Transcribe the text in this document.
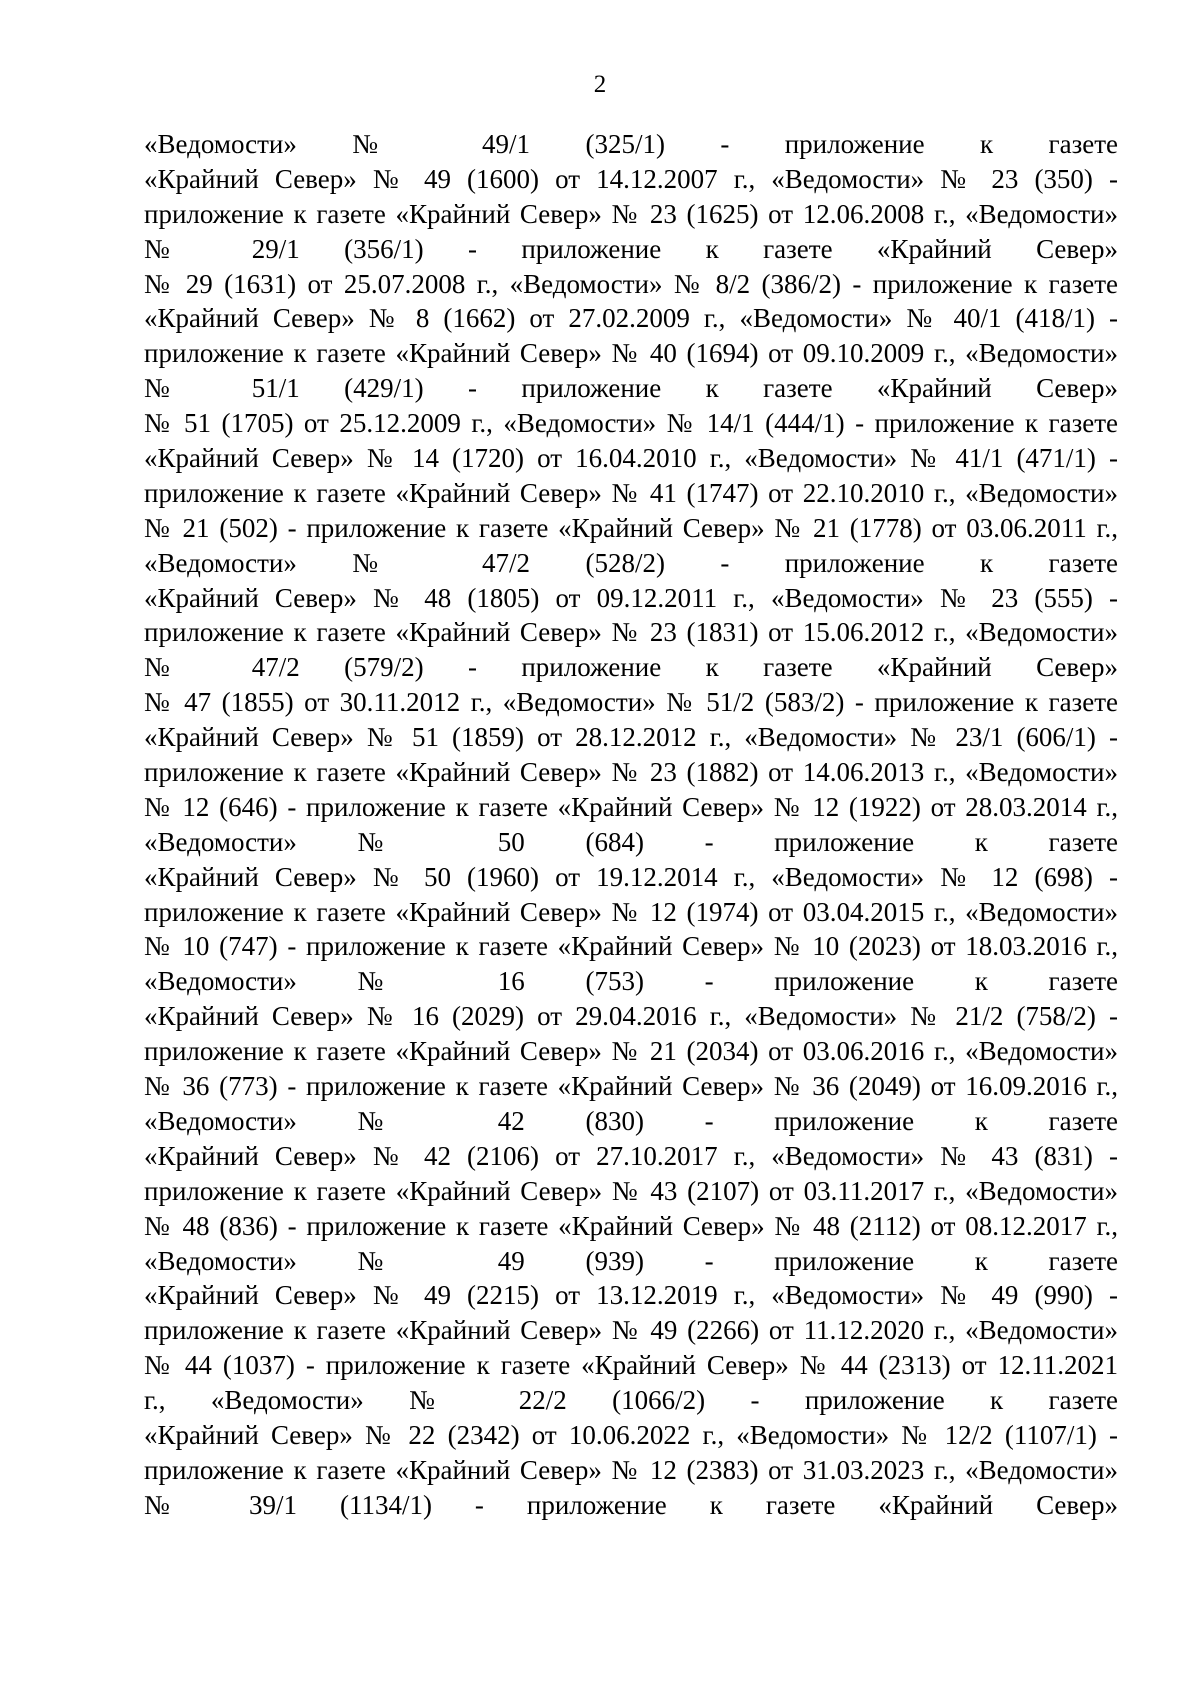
2
«Ведомости» № 49/1 (325/1) - приложение к газете
«Крайний Север» № 49 (1600) от 14.12.2007 г., «Ведомости» № 23 (350) -
приложение к газете «Крайний Север» № 23 (1625) от 12.06.2008 г., «Ведомости»
№ 29/1 (356/1) - приложение к газете «Крайний Север»
№ 29 (1631) от 25.07.2008 г., «Ведомости» № 8/2 (386/2) - приложение к газете
«Крайний Север» № 8 (1662) от 27.02.2009 г., «Ведомости» № 40/1 (418/1) -
приложение к газете «Крайний Север» № 40 (1694) от 09.10.2009 г., «Ведомости»
№ 51/1 (429/1) - приложение к газете «Крайний Север»
№ 51 (1705) от 25.12.2009 г., «Ведомости» № 14/1 (444/1) - приложение к газете
«Крайний Север» № 14 (1720) от 16.04.2010 г., «Ведомости» № 41/1 (471/1) -
приложение к газете «Крайний Север» № 41 (1747) от 22.10.2010 г., «Ведомости»
№ 21 (502) - приложение к газете «Крайний Север» № 21 (1778) от 03.06.2011 г.,
«Ведомости» № 47/2 (528/2) - приложение к газете
«Крайний Север» № 48 (1805) от 09.12.2011 г., «Ведомости» № 23 (555) -
приложение к газете «Крайний Север» № 23 (1831) от 15.06.2012 г., «Ведомости»
№ 47/2 (579/2) - приложение к газете «Крайний Север»
№ 47 (1855) от 30.11.2012 г., «Ведомости» № 51/2 (583/2) - приложение к газете
«Крайний Север» № 51 (1859) от 28.12.2012 г., «Ведомости» № 23/1 (606/1) -
приложение к газете «Крайний Север» № 23 (1882) от 14.06.2013 г., «Ведомости»
№ 12 (646) - приложение к газете «Крайний Север» № 12 (1922) от 28.03.2014 г.,
«Ведомости» № 50 (684) - приложение к газете
«Крайний Север» № 50 (1960) от 19.12.2014 г., «Ведомости» № 12 (698) -
приложение к газете «Крайний Север» № 12 (1974) от 03.04.2015 г., «Ведомости»
№ 10 (747) - приложение к газете «Крайний Север» № 10 (2023) от 18.03.2016 г.,
«Ведомости» № 16 (753) - приложение к газете
«Крайний Север» № 16 (2029) от 29.04.2016 г., «Ведомости» № 21/2 (758/2) -
приложение к газете «Крайний Север» № 21 (2034) от 03.06.2016 г., «Ведомости»
№ 36 (773) - приложение к газете «Крайний Север» № 36 (2049) от 16.09.2016 г.,
«Ведомости» № 42 (830) - приложение к газете
«Крайний Север» № 42 (2106) от 27.10.2017 г., «Ведомости» № 43 (831) -
приложение к газете «Крайний Север» № 43 (2107) от 03.11.2017 г., «Ведомости»
№ 48 (836) - приложение к газете «Крайний Север» № 48 (2112) от 08.12.2017 г.,
«Ведомости» № 49 (939) - приложение к газете
«Крайний Север» № 49 (2215) от 13.12.2019 г., «Ведомости» № 49 (990) -
приложение к газете «Крайний Север» № 49 (2266) от 11.12.2020 г., «Ведомости»
№ 44 (1037) - приложение к газете «Крайний Север» № 44 (2313) от 12.11.2021
г., «Ведомости» № 22/2 (1066/2) - приложение к газете
«Крайний Север» № 22 (2342) от 10.06.2022 г., «Ведомости» № 12/2 (1107/1) -
приложение к газете «Крайний Север» № 12 (2383) от 31.03.2023 г., «Ведомости»
№ 39/1 (1134/1) - приложение к газете «Крайний Север»
